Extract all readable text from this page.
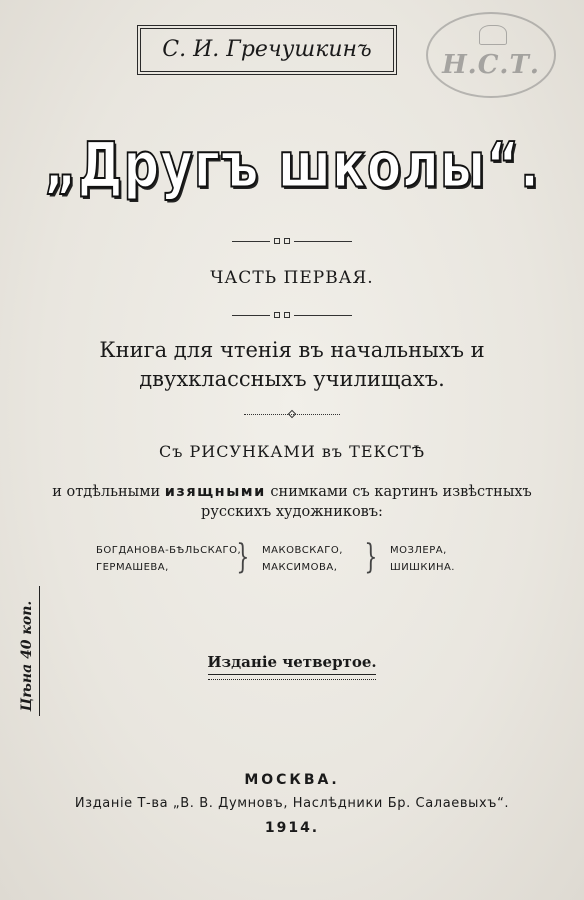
С. И. Гречушкинъ
Н.С.Т.
„Другъ школы“.
ЧАСТЬ ПЕРВАЯ.
Книга для чтенія въ начальныхъ и
двухклассныхъ училищахъ.
Съ РИСУНКАМИ въ ТЕКСТѢ
и отдѣльными изящными снимками съ картинъ извѣстныхъ
русскихъ художниковъ:
БОГДАНОВА-БѢЛЬСКАГО,
ГЕРМАШЕВА,	} МАКОВСКАГО,
МАКСИМОВА, } МОЗЛЕРА,
ШИШКИНА.
Цѣна 40 коп.	Изданіе четвертое.
МОСКВА.
Изданіе Т-ва „В. В. Думновъ, Наслѣдники Бр. Салаевыхъ“.
1914.
